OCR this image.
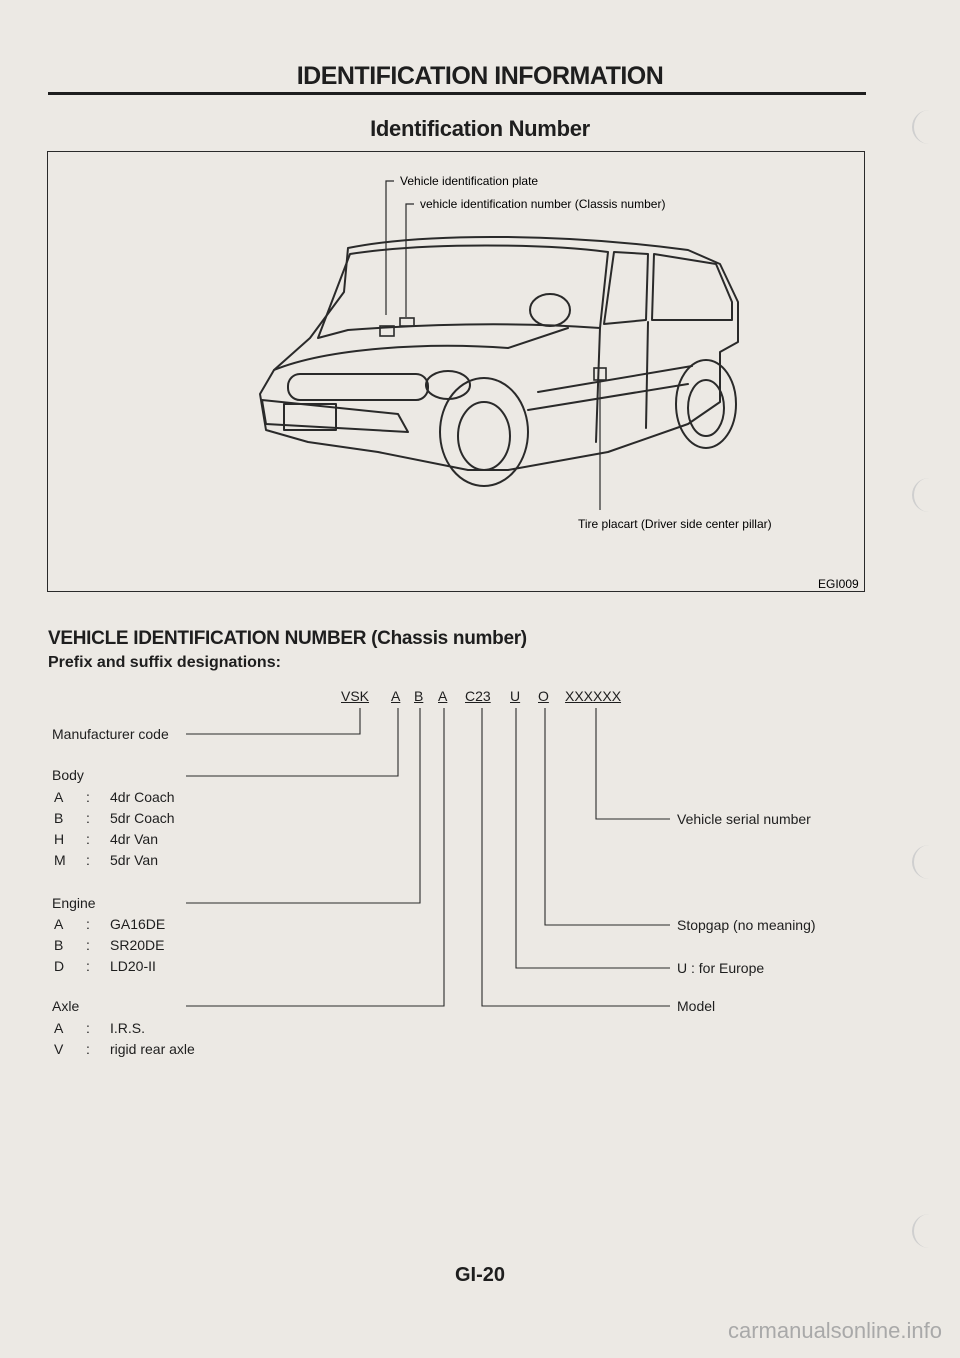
IDENTIFICATION INFORMATION
Identification Number
Vehicle identification plate
vehicle identification number (Classis number)
Tire placart (Driver side center pillar)
EGI009
VEHICLE IDENTIFICATION NUMBER (Chassis number)
Prefix and suffix designations:
VSK A B A C23 U O XXXXXX
Manufacturer code
Body
A : 4dr Coach
B : 5dr Coach
H : 4dr Van
M : 5dr Van
Engine
A : GA16DE
B : SR20DE
D : LD20-II
Axle
A : I.R.S.
V : rigid rear axle
Vehicle serial number
Stopgap (no meaning)
U : for Europe
Model
GI-20
carmanualsonline.info
